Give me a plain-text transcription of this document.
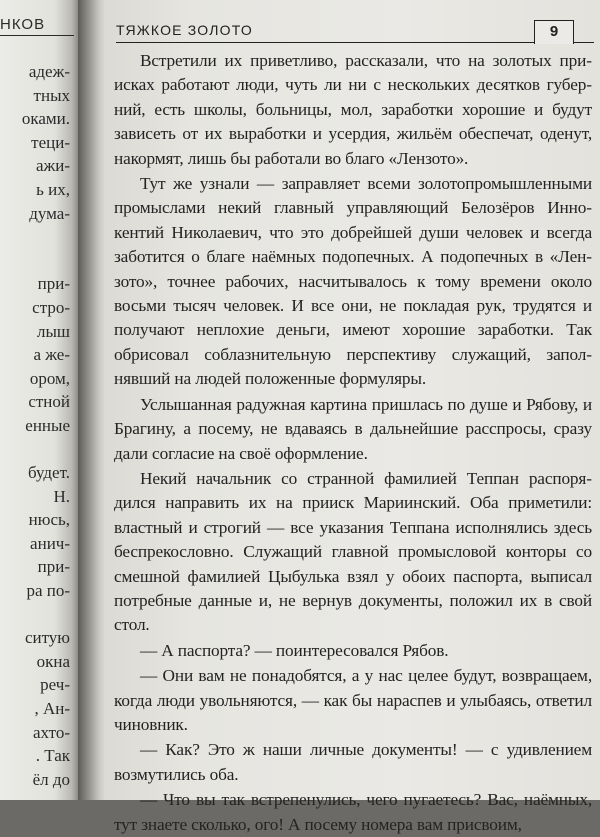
НКОВ
адеж-
тных
оками.
теци-
ажи-
ь их,
дума-
при-
стро-
лыш
а же-
ором,
стной
енные
будет.
Н.
нюсь,
анич-
при-
ра по-
ситую
окна
реч-
, Ан-
ахто-
. Так
ёл до
ТЯЖКОЕ ЗОЛОТО	9

Встретили их приветливо, рассказали, что на золотых приисках работают люди, чуть ли ни с нескольких десятков губерний, есть школы, больницы, мол, заработки хорошие и будут зависеть от их выработки и усердия, жильём обеспечат, оденут, накормят, лишь бы работали во благо «Лензото».

Тут же узнали — заправляет всеми золотопромышленными промыслами некий главный управляющий Белозёров Иннокентий Николаевич, что это добрейшей души человек и всегда заботится о благе наёмных подопечных. А подопечных в «Лензото», точнее рабочих, насчитывалось к тому времени около восьми тысяч человек. И все они, не покладая рук, трудятся и получают неплохие деньги, имеют хорошие заработки. Так обрисовал соблазнительную перспективу служащий, заполнявший на людей положенные формуляры.

Услышанная радужная картина пришлась по душе и Рябову, и Брагину, а посему, не вдаваясь в дальнейшие расспросы, сразу дали согласие на своё оформление.

Некий начальник со странной фамилией Теппан распорядился направить их на прииск Мариинский. Оба приметили: властный и строгий — все указания Теппана исполнялись здесь беспрекословно. Служащий главной промысловой конторы со смешной фамилией Цыбулька взял у обоих паспорта, выписал потребные данные и, не вернув документы, положил их в свой стол.

— А паспорта? — поинтересовался Рябов.

— Они вам не понадобятся, а у нас целее будут, возвращаем, когда люди увольняются, — как бы нараспев и улыбаясь, ответил чиновник.

— Как? Это ж наши личные документы! — с удивлением возмутились оба.

— Что вы так встрепенулись, чего пугаетесь? Вас, наёмных, тут знаете сколько, ого! А посему номера вам присвоим,
